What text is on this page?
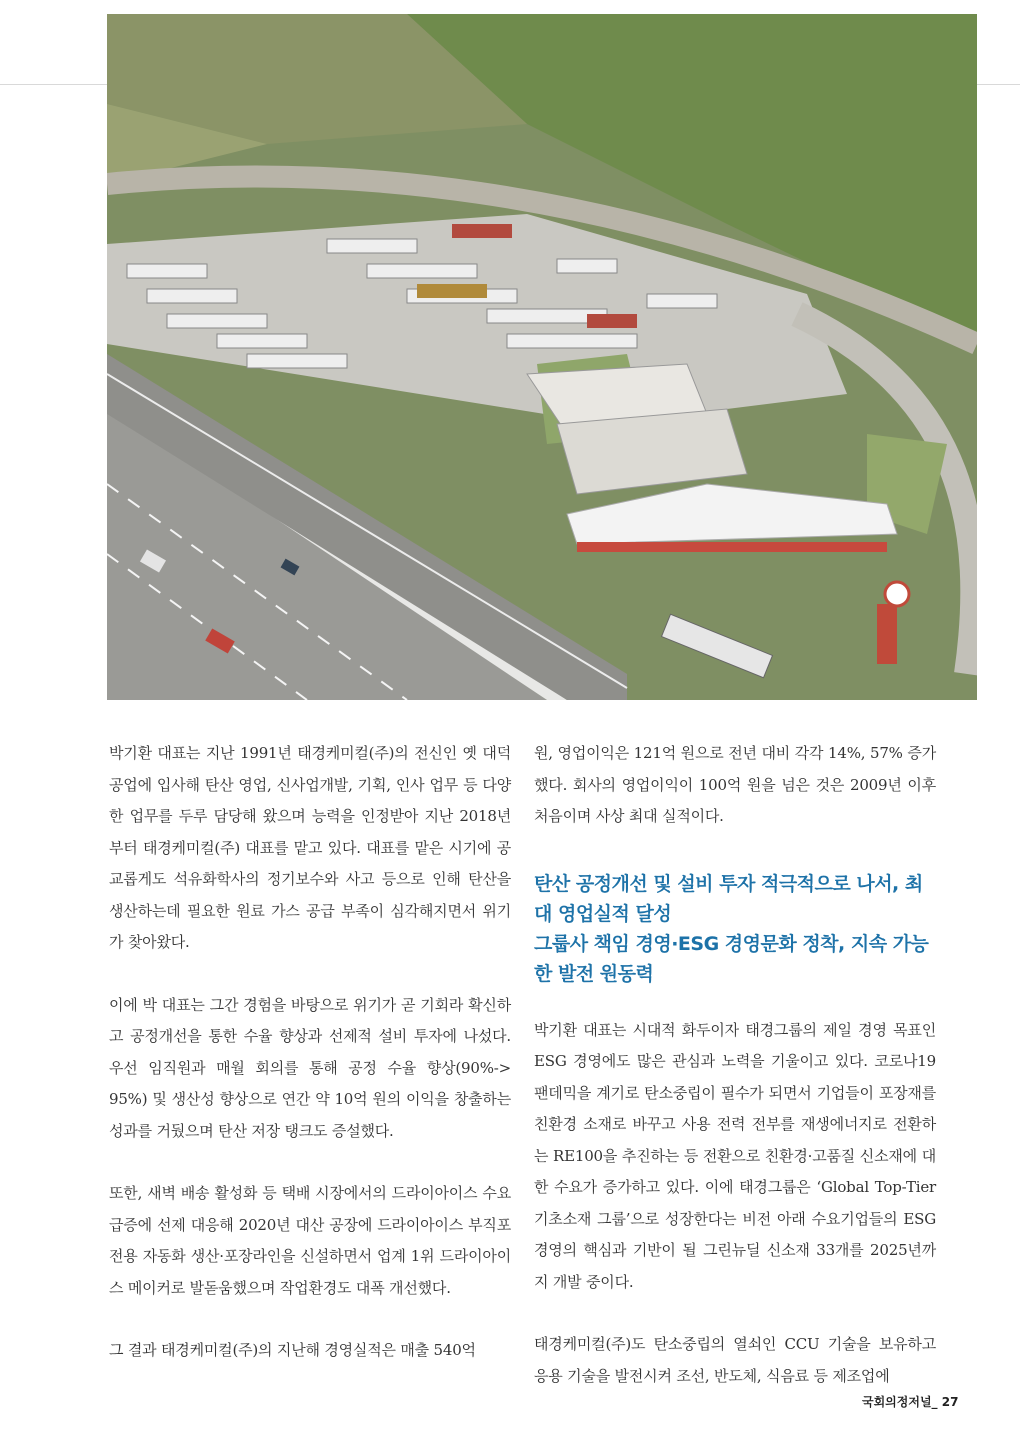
박기환 대표는 지난 1991년 태경케미컬(주)의 전신인 옛 대덕공업에 입사해 탄산 영업, 신사업개발, 기획, 인사 업무 등 다양한 업무를 두루 담당해 왔으며 능력을 인정받아 지난 2018년부터 태경케미컬(주) 대표를 맡고 있다. 대표를 맡은 시기에 공교롭게도 석유화학사의 정기보수와 사고 등으로 인해 탄산을 생산하는데 필요한 원료 가스 공급 부족이 심각해지면서 위기가 찾아왔다.

이에 박 대표는 그간 경험을 바탕으로 위기가 곧 기회라 확신하고 공정개선을 통한 수율 향상과 선제적 설비 투자에 나섰다. 우선 임직원과 매월 회의를 통해 공정 수율 향상(90%-> 95%) 및 생산성 향상으로 연간 약 10억 원의 이익을 창출하는 성과를 거뒀으며 탄산 저장 탱크도 증설했다.

또한, 새벽 배송 활성화 등 택배 시장에서의 드라이아이스 수요 급증에 선제 대응해 2020년 대산 공장에 드라이아이스 부직포 전용 자동화 생산·포장라인을 신설하면서 업계 1위 드라이아이스 메이커로 발돋움했으며 작업환경도 대폭 개선했다.

그 결과 태경케미컬(주)의 지난해 경영실적은 매출 540억

원, 영업이익은 121억 원으로 전년 대비 각각 14%, 57% 증가했다. 회사의 영업이익이 100억 원을 넘은 것은 2009년 이후 처음이며 사상 최대 실적이다.

탄산 공정개선 및 설비 투자 적극적으로 나서, 최대 영업실적 달성

그룹사 책임 경영·ESG 경영문화 정착, 지속 가능한 발전 원동력

박기환 대표는 시대적 화두이자 태경그룹의 제일 경영 목표인 ESG 경영에도 많은 관심과 노력을 기울이고 있다. 코로나19 팬데믹을 계기로 탄소중립이 필수가 되면서 기업들이 포장재를 친환경 소재로 바꾸고 사용 전력 전부를 재생에너지로 전환하는 RE100을 추진하는 등 전환으로 친환경·고품질 신소재에 대한 수요가 증가하고 있다. 이에 태경그룹은 ‘Global Top-Tier 기초소재 그룹’으로 성장한다는 비전 아래 수요기업들의 ESG 경영의 핵심과 기반이 될 그린뉴딜 신소재 33개를 2025년까지 개발 중이다.

태경케미컬(주)도 탄소중립의 열쇠인 CCU 기술을 보유하고 응용 기술을 발전시켜 조선, 반도체, 식음료 등 제조업에

국회의정저널_ 27
